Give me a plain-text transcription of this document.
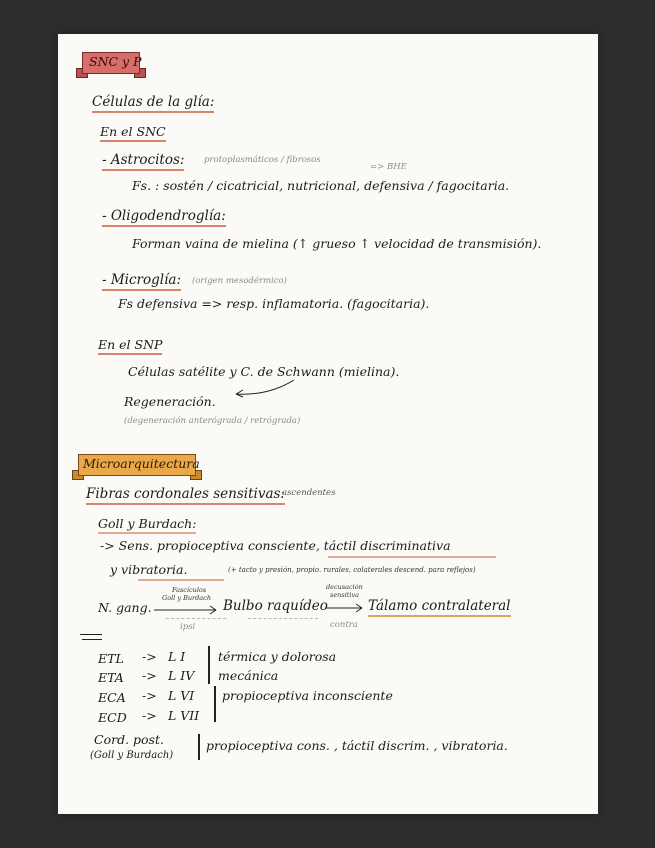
SNC y P
Células de la glía:
En el SNC
- Astrocitos: protoplasmáticos / fibrosos
=> BHE
Fs. : sostén / cicatricial, nutricional, defensiva / fagocitaria.
- Oligodendroglía:
Forman vaina de mielina (↑ grueso ↑ velocidad de transmisión).
- Microglía: (origen mesodérmico)
Fs defensiva => resp. inflamatoria. (fagocitaria).
En el SNP
Células satélite y C. de Schwann (mielina).
Regeneración.
(degeneración anterógrada / retrógrada)
Microarquitectura
Fibras cordonales sensitivas:
ascendentes
Goll y Burdach:
-> Sens. propioceptiva consciente, táctil discriminativa
y vibratoria.	(+ tacto y presión, propio. rurales, colaterales descend. para reflejos)
Fascículos
Goll y Burdach
N. gang.	Bulbo raquídeo
decusación
sensitiva
Tálamo contralateral
ipsi	contra
ETL -> L I	térmica y dolorosa
ETA -> L IV mecánica
ECA -> L VI propioceptiva inconsciente
ECD -> L VII
Cord. post.
(Goll y Burdach)
propioceptiva cons. , táctil discrim. , vibratoria.
